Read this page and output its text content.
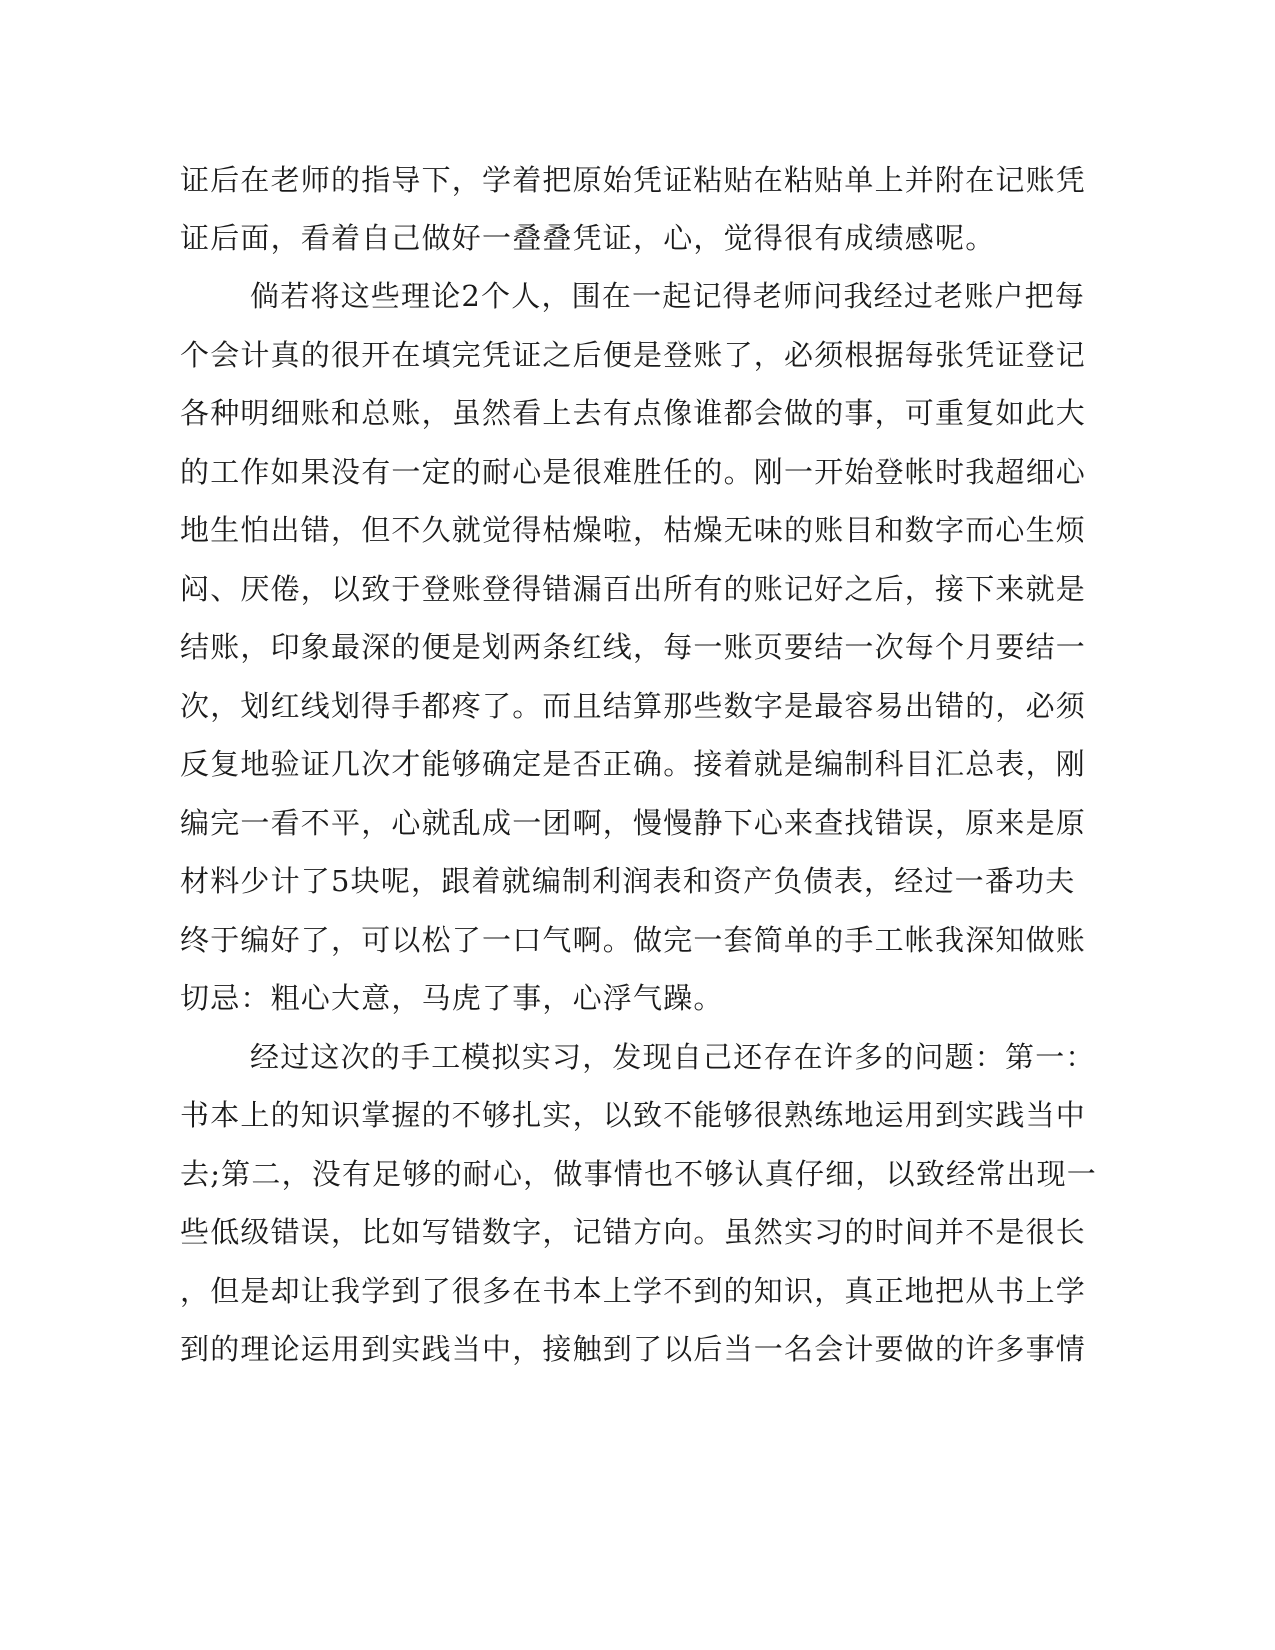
证后在老师的指导下，学着把原始凭证粘贴在粘贴单上并附在记账凭
证后面，看着自己做好一叠叠凭证，心，觉得很有成绩感呢。
倘若将这些理论2个人，围在一起记得老师问我经过老账户把每
个会计真的很开在填完凭证之后便是登账了，必须根据每张凭证登记
各种明细账和总账，虽然看上去有点像谁都会做的事，可重复如此大
的工作如果没有一定的耐心是很难胜任的。刚一开始登帐时我超细心
地生怕出错，但不久就觉得枯燥啦，枯燥无味的账目和数字而心生烦
闷、厌倦，以致于登账登得错漏百出所有的账记好之后，接下来就是
结账，印象最深的便是划两条红线，每一账页要结一次每个月要结一
次，划红线划得手都疼了。而且结算那些数字是最容易出错的，必须
反复地验证几次才能够确定是否正确。接着就是编制科目汇总表，刚
编完一看不平，心就乱成一团啊，慢慢静下心来查找错误，原来是原
材料少计了5块呢，跟着就编制利润表和资产负债表，经过一番功夫
终于编好了，可以松了一口气啊。做完一套简单的手工帐我深知做账
切忌：粗心大意，马虎了事，心浮气躁。
经过这次的手工模拟实习，发现自己还存在许多的问题：第一：
书本上的知识掌握的不够扎实，以致不能够很熟练地运用到实践当中
去;第二，没有足够的耐心，做事情也不够认真仔细，以致经常出现一
些低级错误，比如写错数字，记错方向。虽然实习的时间并不是很长
，但是却让我学到了很多在书本上学不到的知识，真正地把从书上学
到的理论运用到实践当中，接触到了以后当一名会计要做的许多事情
